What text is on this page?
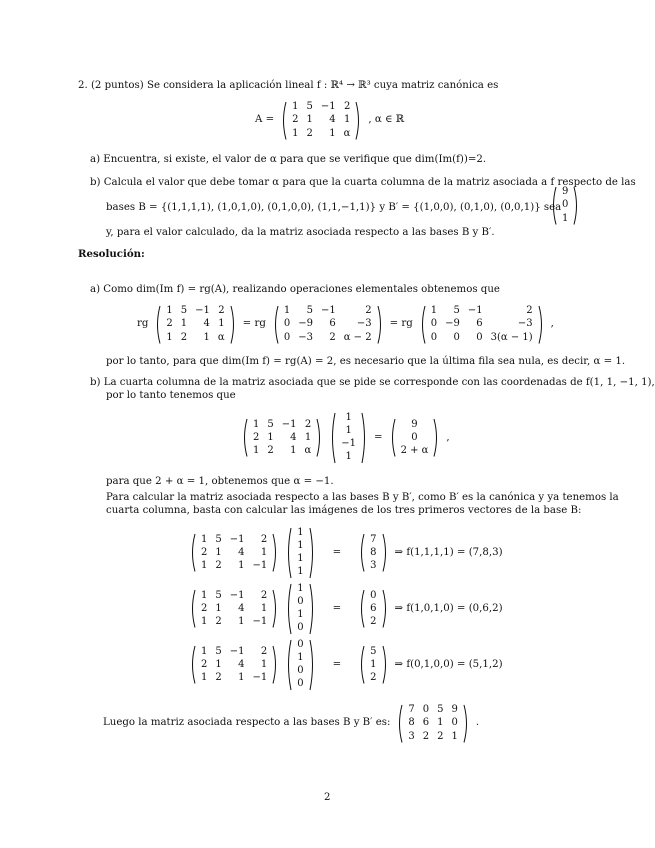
2. (2 puntos) Se considera la aplicación lineal f : ℝ⁴ → ℝ³ cuya matriz canónica es
A =
1	5	−1	2
2	1	4	1
1	2	1	α
, α ∈ ℝ
a) Encuentra, si existe, el valor de α para que se verifique que dim(Im(f))=2.
b) Calcula el valor que debe tomar α para que la cuarta columna de la matriz asociada a f respecto de las
bases B = {(1,1,1,1), (1,0,1,0), (0,1,0,0), (1,1,−1,1)} y B′ = {(1,0,0), (0,1,0), (0,0,1)} sea
9
0
1
y, para el valor calculado, da la matriz asociada respecto a las bases B y B′.
Resolución:
a) Como dim(Im f) = rg(A), realizando operaciones elementales obtenemos que
rg
1	5	−1	2
2	1	4	1
1	2	1	α
= rg
1	5	−1	2
0	−9	6	−3
0	−3	2	α − 2
= rg
1	5	−1	2
0	−9	6	−3
0	0	0	3(α − 1)
,
por lo tanto, para que dim(Im f) = rg(A) = 2, es necesario que la última fila sea nula, es decir, α = 1.
b) La cuarta columna de la matriz asociada que se pide se corresponde con las coordenadas de f(1, 1, −1, 1),
por lo tanto tenemos que
1	5	−1	2
2	1	4	1
1	2	1	α
1
1
−1
1
=
9
0
2 + α
,
para que 2 + α = 1, obtenemos que α = −1.
Para calcular la matriz asociada respecto a las bases B y B′, como B′ es la canónica y ya tenemos la
cuarta columna, basta con calcular las imágenes de los tres primeros vectores de la base B:
1	5	−1	2
2	1	4	1
1	2	1	−1
1
1
1
1
=
7
8
3
⇒ f(1,1,1,1) = (7,8,3)
1	5	−1	2
2	1	4	1
1	2	1	−1
1
0
1
0
=
0
6
2
⇒ f(1,0,1,0) = (0,6,2)
1	5	−1	2
2	1	4	1
1	2	1	−1
0
1
0
0
=
5
1
2
⇒ f(0,1,0,0) = (5,1,2)
Luego la matriz asociada respecto a las bases B y B′ es:
7	0	5	9
8	6	1	0
3	2	2	1
.
2
